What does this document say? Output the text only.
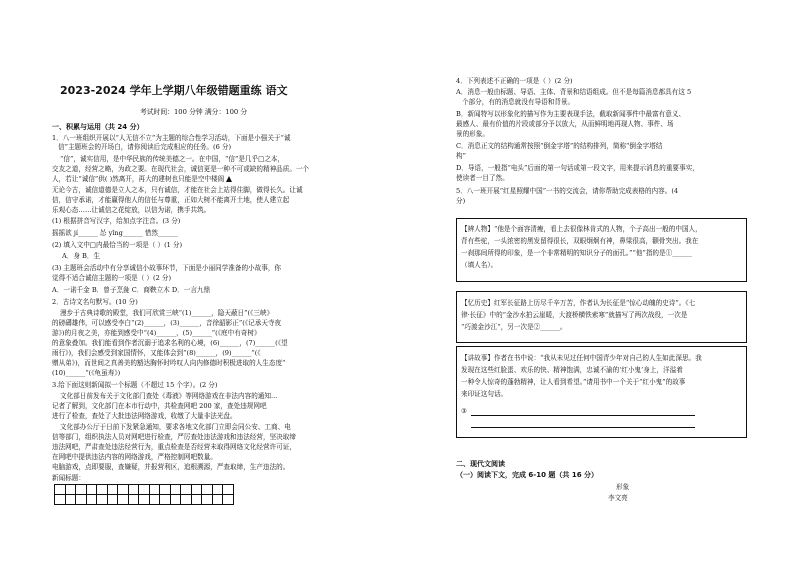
2023-2024 学年上学期八年级错题重练 语文
考试时间：100 分钟 满分：100 分
一、积累与运用（共 24 分）
1．八一班组织开展以“人无信不立”为主题的综合性学习活动，下面是小强关于“诚
信”主题班会的开场白，请你阅读后完成相应的任务。(6 分)
“信”，诚实信用，是中华民族的传统美德之一。在中国，“信”是几乎□之本，
交友之道，经营之略，为政之要。在现代社会，诚信更是一种不可或缺的精神品质。一个
人，若让“诚信”供( )然离开，再大的建树也只能是空中楼阁
无论今古，诚信道德是立人之本，只有诚信，才能在社会上站得住脚，做得长久。让诚
信，信守承诺，才能赢得他人的信任与尊重，正如大树不能离开土地，使人建立起
乐观心态……让诚信之花绽放，以信为诺，携手共筑。
(1) 根据拼音写汉字，给加点字注音。(3 分)
摇摇欲 jí______ 怂 yǐng______ 惜然______
(2) 填入文中□内最恰当的一项是（ ）(1 分)
A．身 B．生
(3) 主题班会活动中有分享诚信小故事环节，下面是小丽同学准备的小故事，你
觉得不适合诚信主题的一项是（ ）(2 分)
A．一诺千金 B．曾子烹彘 C．商鞅立木 D．一言九鼎
2．古诗文名句默写。(10 分)
漫步于古典诗歌的殿堂，我们可欣赏三峡“(1)______，隐天蔽日”(《三峡》
的磅礴雄伟，可以感受李白“(2)______，(3)______，音徐韶影正”(《记承天寺夜
游》)的月夜之美，亦能到感受中“(4)______，(5)______”(《庭中有奇树》
的意象叠加。我们能看到作者沉溺于追求名利的心境，(6)______，(7)______(《望
雨行》)，我们会感受到家国情怀，又能体会到“(8)______，(9)______”(《
赠从弟》)，而世间之真善美的豁达胸怀时吟叹人向内修德时积极进取的人生态度“
(10)______”(《龟虽寿》)
3.给下面这则新闻拟一个标题（不超过 15 个字）。(2 分)
文化部日前发布关于文化部门查处《毒液》等网络游戏在非法内容的通知...
记者了解到，文化部门在本市行动中，共检查网吧 200 家，查处违规网吧
进行了检查，查处了大批违法网络游戏，收缴了大量非法光盘。
文化部办公厅于日前下发紧急通知，要求各地文化部门立即会同公安、工商、电
信等部门，组织执法人员对网吧进行检查，严厉查处违法游戏和违法经营，坚决取缔
违法网吧，严肃查处违法经营行为，重点检查是否经营未取得网络文化经营许可证，
在网吧中提供违法内容的网络游戏，严格控制网吧数量。
电脑游戏，点即要服，查嫌疑，并报营利区，追根溯源，严查取缔，生产违法的。
新闻标题：
4．下列表述不正确的一项是（ ）(2 分)
A．消息一般由标题、导语、主体、背景和结语组成。但不是每篇消息都具有这 5
个部分，有的消息就没有导语和背景。
B．新闻特写以形象化的描写作为主要表现手法，截取新闻事件中最富有意义、
最感人、最有价值的片段或部分予以放大，从而鲜明地再现人物、事件、场
景的形象。
C．消息正文的结构通常按照“倒金字塔”的结构排列，简称“倒金字塔结
构”
D．导语，一般指“电头”后面的第一句话或第一段文字，用来提示消息的重要事实，
使读者一目了然。
5．八一班开展“红星照耀中国”一书的交流会，请你帮助完成表格的内容。(4
分)
【辨人物】“他是个面容清瘦，看上去很像林肯式的人物，个子高出一般的中国人，
背有些驼，一头浓密的黑发留得很长，双眼炯炯有神，鼻梁很高，颧骨突出。我在
一刹那间所得的印象，是一个非常精明的知识分子的面孔。”“他”指的是①______
（填人名）。
【忆历史】红军长征路上历尽千辛万苦，作者认为长征是“惊心动魄的史诗”。《七
律·长征》中的“金沙水拍云崖暖，大渡桥横铁索寒”就描写了两次战役，一次是
“巧渡金沙江”，另一次是②______。
【讲故事】作者在书中说：“我从未见过任何中国青少年对自己的人生如此深思。我
发现在这些红脸蛋、欢乐的快、精神饱满，忠诚不渝的‘红小鬼’身上，洋溢着
一种令人惊奇的蓬勃精神，让人看到希望。”请用书中一个关于“红小鬼”的故事
来印证这句话。
③
二、现代文阅读
（一）阅读下文，完成 6-10 题（共 16 分）
形象
李文亮
